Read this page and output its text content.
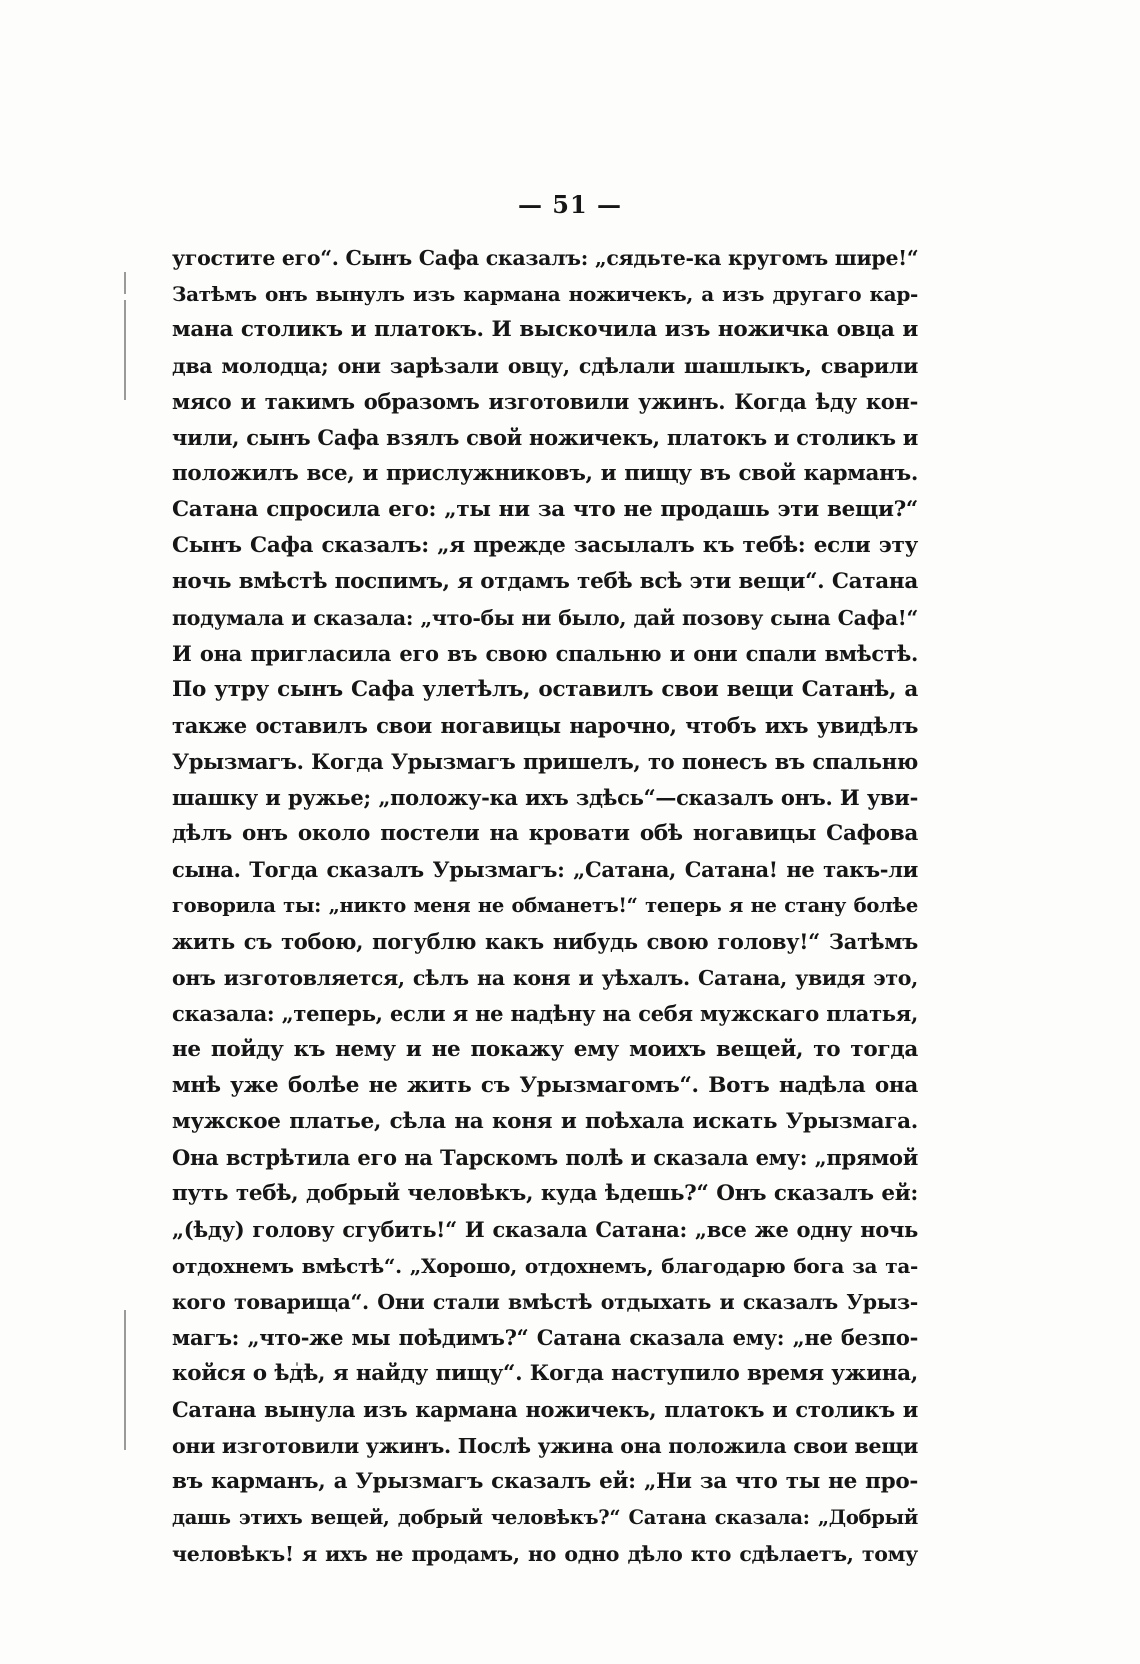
— 51 —
угостите его“. Сынъ Сафа сказалъ: „сядьте-ка кругомъ шире!“
Затѣмъ онъ вынулъ изъ кармана ножичекъ, а изъ другаго кар-
мана столикъ и платокъ. И выскочила изъ ножичка овца и
два молодца; они зарѣзали овцу, сдѣлали шашлыкъ, сварили
мясо и такимъ образомъ изготовили ужинъ. Когда ѣду кон-
чили, сынъ Сафа взялъ свой ножичекъ, платокъ и столикъ и
положилъ все, и прислужниковъ, и пищу въ свой карманъ.
Сатана спросила его: „ты ни за что не продашь эти вещи?“
Сынъ Сафа сказалъ: „я прежде засылалъ къ тебѣ: если эту
ночь вмѣстѣ поспимъ, я отдамъ тебѣ всѣ эти вещи“. Сатана
подумала и сказала: „что-бы ни было, дай позову сына Сафа!“
И она пригласила его въ свою спальню и они спали вмѣстѣ.
По утру сынъ Сафа улетѣлъ, оставилъ свои вещи Сатанѣ, а
также оставилъ свои ногавицы нарочно, чтобъ ихъ увидѣлъ
Урызмагъ. Когда Урызмагъ пришелъ, то понесъ въ спальню
шашку и ружье; „положу-ка ихъ здѣсь“—сказалъ онъ. И уви-
дѣлъ онъ около постели на кровати обѣ ногавицы Сафова
сына. Тогда сказалъ Урызмагъ: „Сатана, Сатана! не такъ-ли
говорила ты: „никто меня не обманетъ!“ теперь я не стану болѣе
жить съ тобою, погублю какъ нибудь свою голову!“ Затѣмъ
онъ изготовляется, сѣлъ на коня и уѣхалъ. Сатана, увидя это,
сказала: „теперь, если я не надѣну на себя мужскаго платья,
не пойду къ нему и не покажу ему моихъ вещей, то тогда
мнѣ уже болѣе не жить съ Урызмагомъ“. Вотъ надѣла она
мужское платье, сѣла на коня и поѣхала искать Урызмага.
Она встрѣтила его на Тарскомъ полѣ и сказала ему: „прямой
путь тебѣ, добрый человѣкъ, куда ѣдешь?“ Онъ сказалъ ей:
„(ѣду) голову сгубить!“ И сказала Сатана: „все же одну ночь
отдохнемъ вмѣстѣ“. „Хорошо, отдохнемъ, благодарю бога за та-
кого товарища“. Они стали вмѣстѣ отдыхать и сказалъ Урыз-
магъ: „что-же мы поѣдимъ?“ Сатана сказала ему: „не безпо-
койся о ѣдѣ, я найду пищу“. Когда наступило время ужина,
Сатана вынула изъ кармана ножичекъ, платокъ и столикъ и
они изготовили ужинъ. Послѣ ужина она положила свои вещи
въ карманъ, а Урызмагъ сказалъ ей: „Ни за что ты не про-
дашь этихъ вещей, добрый человѣкъ?“ Сатана сказала: „Добрый
человѣкъ! я ихъ не продамъ, но одно дѣло кто сдѣлаетъ, тому
